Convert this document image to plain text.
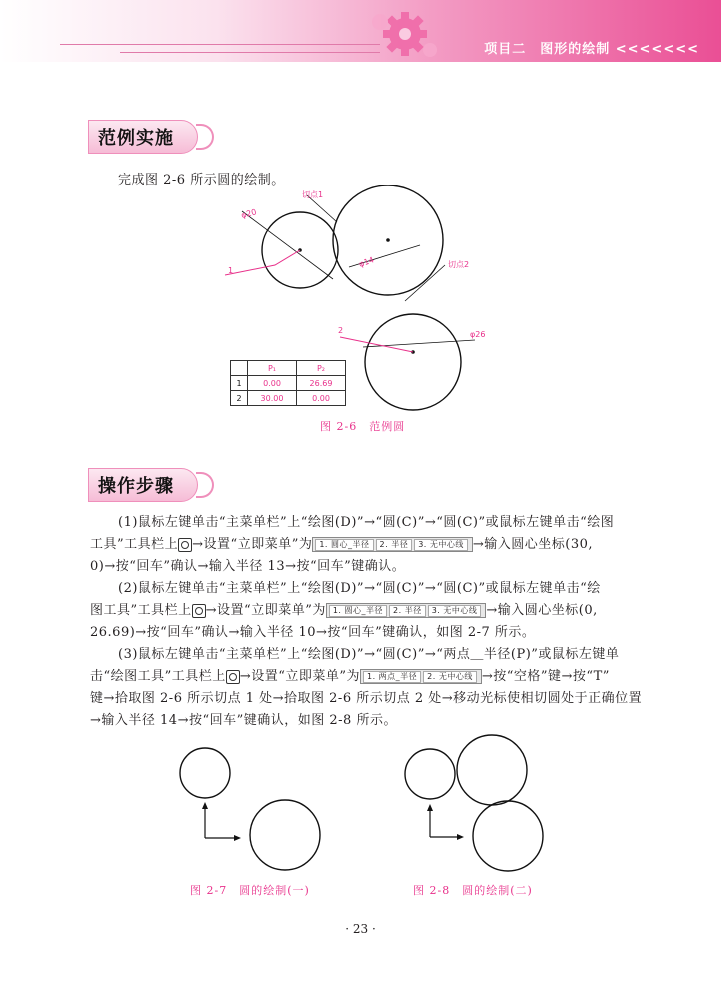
项目二　图形的绘制 <<<<<<<
范例实施
完成图 2-6 所示圆的绘制。
φ20
切点1
φ14	切点2
1
2	φ26
	P₁	P₂
1	0.00	26.69
2	30.00	0.00
图 2-6　范例圆
操作步骤
(1)鼠标左键单击“主菜单栏”上“绘图(D)”→“圆(C)”→“圆(C)”或鼠标左键单击“绘图
工具”工具栏上 →设置“立即菜单”为 1. 圆心_半径 2. 半径 3. 无中心线 →输入圆心坐标(30,
0)→按“回车”确认→输入半径 13→按“回车”键确认。
(2)鼠标左键单击“主菜单栏”上“绘图(D)”→“圆(C)”→“圆(C)”或鼠标左键单击“绘
图工具”工具栏上 →设置“立即菜单”为 1. 圆心_半径 2. 半径 3. 无中心线 →输入圆心坐标(0,
26.69)→按“回车”确认→输入半径 10→按“回车”键确认，如图 2-7 所示。
(3)鼠标左键单击“主菜单栏”上“绘图(D)”→“圆(C)”→“两点＿半径(P)”或鼠标左键单
击“绘图工具”工具栏上 →设置“立即菜单”为 1. 两点_半径 2. 无中心线 →按“空格”键→按“T”
键→拾取图 2-6 所示切点 1 处→拾取图 2-6 所示切点 2 处→移动光标使相切圆处于正确位置
→输入半径 14→按“回车”键确认，如图 2-8 所示。
图 2-7　圆的绘制(一)	图 2-8　圆的绘制(二)
· 23 ·
